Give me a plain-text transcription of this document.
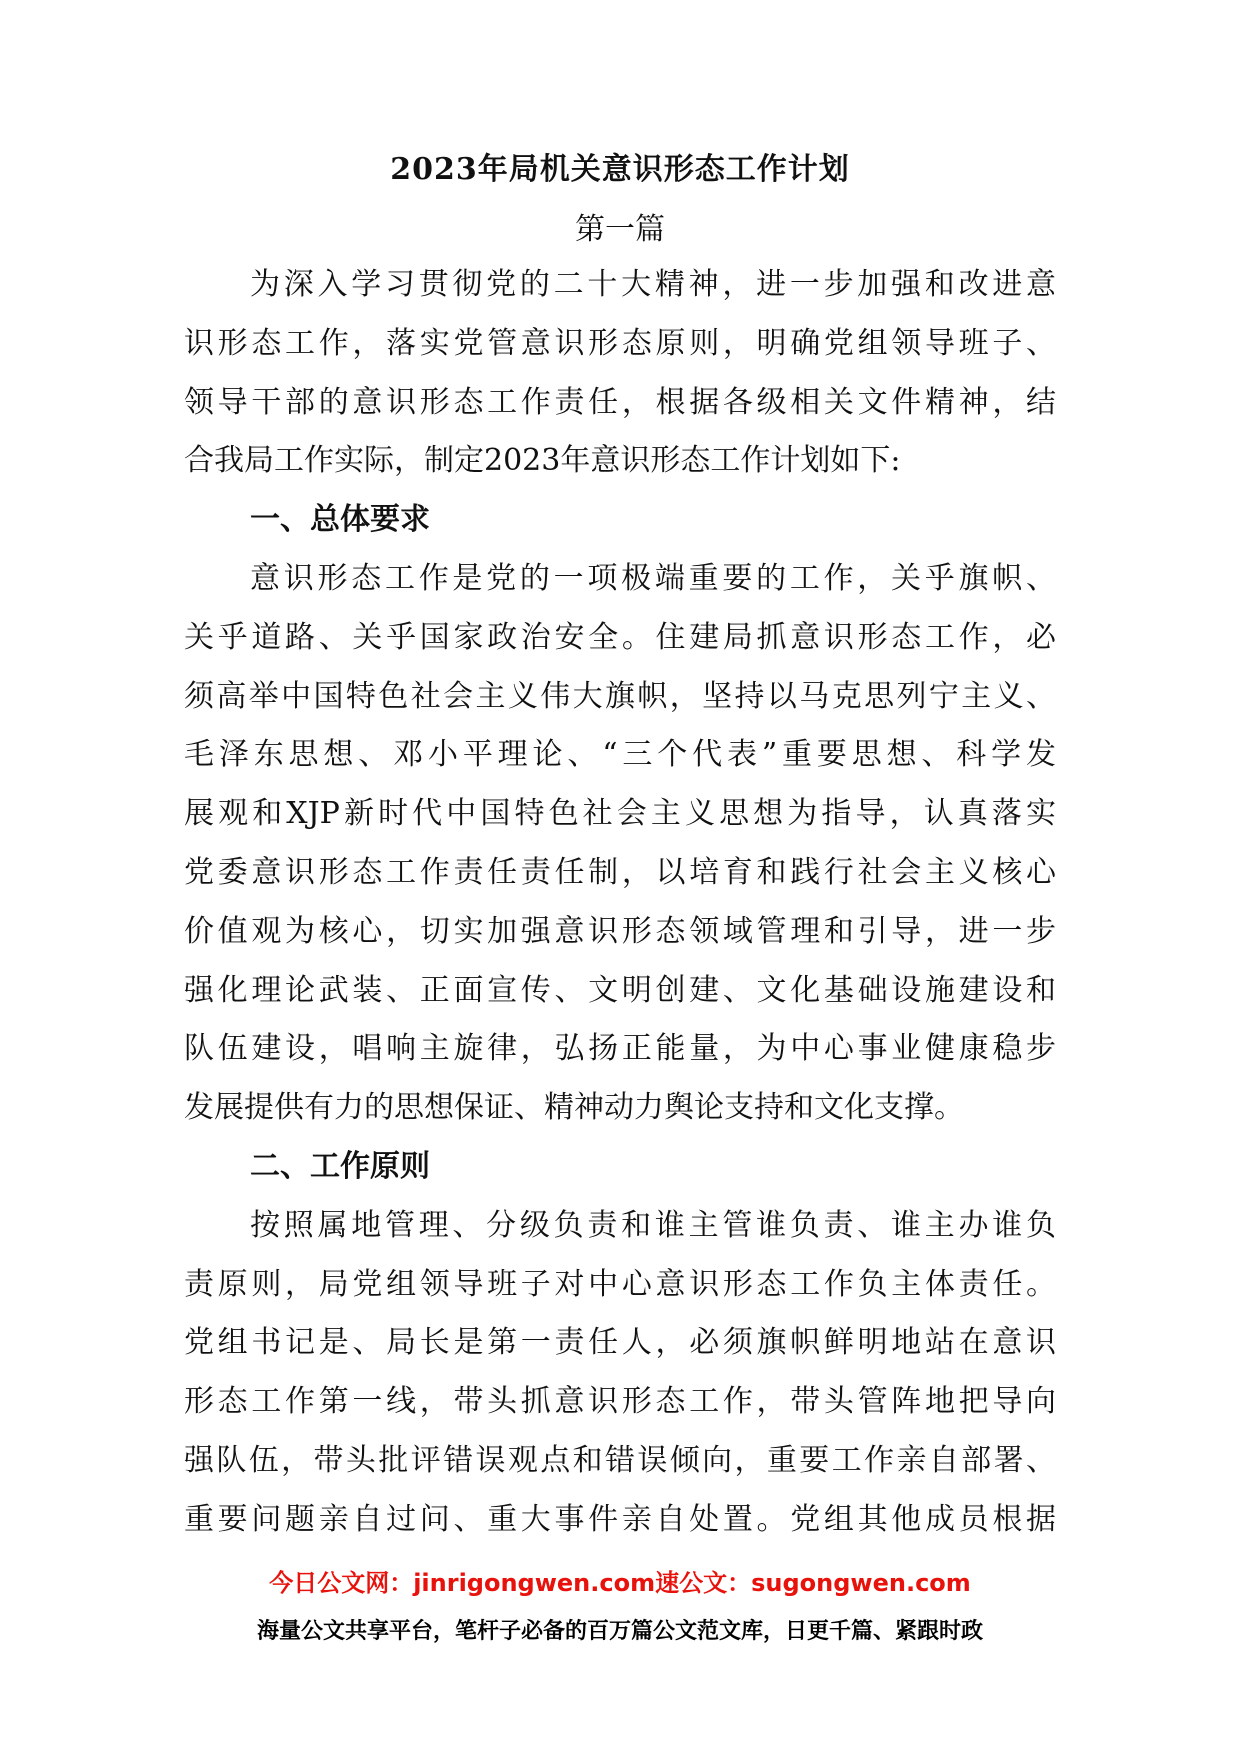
2023年局机关意识形态工作计划
第一篇
为深入学习贯彻党的二十大精神，进一步加强和改进意
识形态工作，落实党管意识形态原则，明确党组领导班子、
领导干部的意识形态工作责任，根据各级相关文件精神，结
合我局工作实际，制定2023年意识形态工作计划如下:
一、总体要求
意识形态工作是党的一项极端重要的工作，关乎旗帜、
关乎道路、关乎国家政治安全。住建局抓意识形态工作，必
须高举中国特色社会主义伟大旗帜，坚持以马克思列宁主义、
毛泽东思想、邓小平理论、“三个代表”重要思想、科学发
展观和XJP新时代中国特色社会主义思想为指导，认真落实
党委意识形态工作责任责任制，以培育和践行社会主义核心
价值观为核心，切实加强意识形态领域管理和引导，进一步
强化理论武装、正面宣传、文明创建、文化基础设施建设和
队伍建设，唱响主旋律，弘扬正能量，为中心事业健康稳步
发展提供有力的思想保证、精神动力舆论支持和文化支撑。
二、工作原则
按照属地管理、分级负责和谁主管谁负责、谁主办谁负
责原则，局党组领导班子对中心意识形态工作负主体责任。
党组书记是、局长是第一责任人，必须旗帜鲜明地站在意识
形态工作第一线，带头抓意识形态工作，带头管阵地把导向
强队伍，带头批评错误观点和错误倾向，重要工作亲自部署、
重要问题亲自过问、重大事件亲自处置。党组其他成员根据
今日公文网：jinrigongwen.com速公文：sugongwen.com
海量公文共享平台，笔杆子必备的百万篇公文范文库，日更千篇、紧跟时政
